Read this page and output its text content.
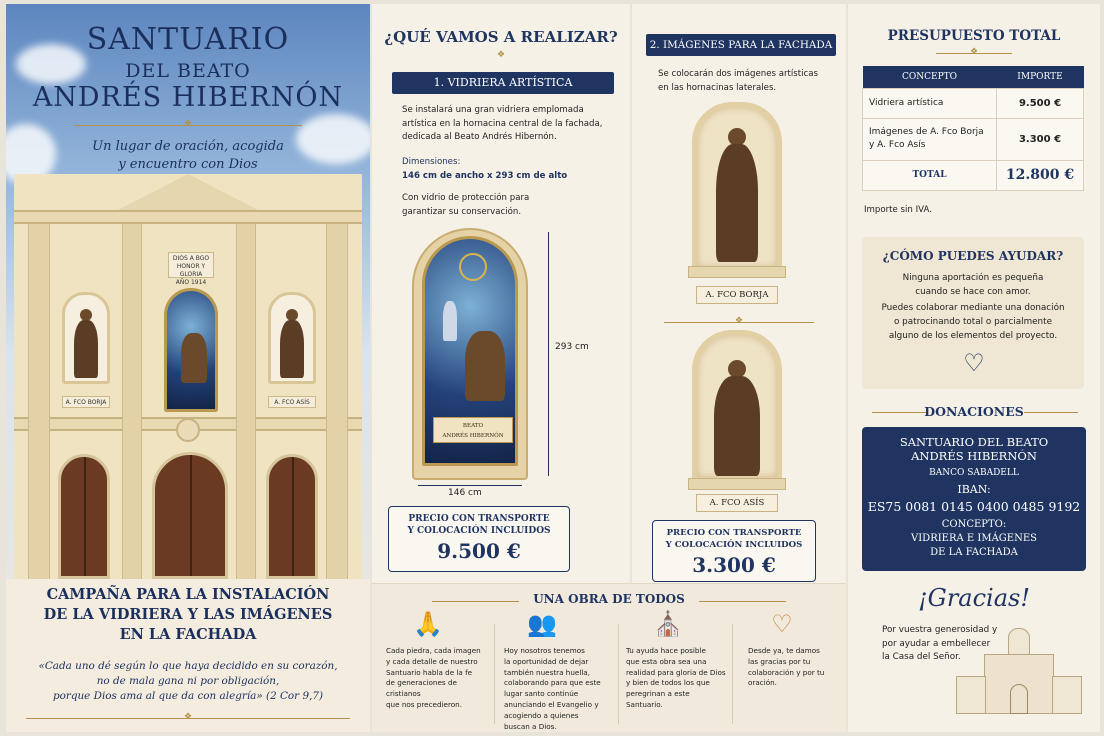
SANTUARIO
DEL BEATO
ANDRÉS HIBERNÓN
❖
Un lugar de oración, acogida
y encuentro con Dios
DIOS A BGO
HONOR Y GLORIA
AÑO 1914
A. FCO BORJA	A. FCO ASÍS
CAMPAÑA PARA LA INSTALACIÓN
DE LA VIDRIERA Y LAS IMÁGENES
EN LA FACHADA
«Cada uno dé según lo que haya decidido en su corazón,
no de mala gana ni por obligación,
porque Dios ama al que da con alegría» (2 Cor 9,7)
❖
¿QUÉ VAMOS A REALIZAR?
❖
1. VIDRIERA ARTÍSTICA
Se instalará una gran vidriera emplomada
artística en la hornacina central de la fachada,
dedicada al Beato Andrés Hibernón.
Dimensiones:
146 cm de ancho x 293 cm de alto
Con vidrio de protección para
garantizar su conservación.
BEATO
ANDRÉS HIBERNÓN
293 cm
146 cm
PRECIO CON TRANSPORTE
Y COLOCACIÓN INCLUIDOS
9.500 €
2. IMÁGENES PARA LA FACHADA
Se colocarán dos imágenes artísticas
en las hornacinas laterales.
A. FCO BORJA
❖
A. FCO ASÍS
PRECIO CON TRANSPORTE
Y COLOCACIÓN INCLUIDOS
3.300 €
UNA OBRA DE TODOS
🙏	👥	⛪	♡
Cada piedra, cada imagen
y cada detalle de nuestro
Santuario habla de la fe
de generaciones de cristianos
que nos precedieron.
Hoy nosotros tenemos
la oportunidad de dejar
también nuestra huella,
colaborando para que este
lugar santo continúe
anunciando el Evangelio y
acogiendo a quienes
buscan a Dios.
Tu ayuda hace posible
que esta obra sea una
realidad para gloria de Dios
y bien de todos los que
peregrinan a este
Santuario.
Desde ya, te damos
las gracias por tu
colaboración y por tu
oración.
PRESUPUESTO TOTAL
❖
CONCEPTO	IMPORTE
Vidriera artística	9.500 €

Imágenes de A. Fco Borja
y A. Fco Asís	3.300 €
TOTAL	12.800 €
Importe sin IVA.
¿CÓMO PUEDES AYUDAR?
Ninguna aportación es pequeña
cuando se hace con amor.
Puedes colaborar mediante una donación
o patrocinando total o parcialmente
alguno de los elementos del proyecto.
♡
DONACIONES
SANTUARIO DEL BEATO
ANDRÉS HIBERNÓN
BANCO SABADELL
IBAN:
ES75 0081 0145 0400 0485 9192
CONCEPTO:
VIDRIERA E IMÁGENES
DE LA FACHADA
¡Gracias!
Por vuestra generosidad y
por ayudar a embellecer
la Casa del Señor.
